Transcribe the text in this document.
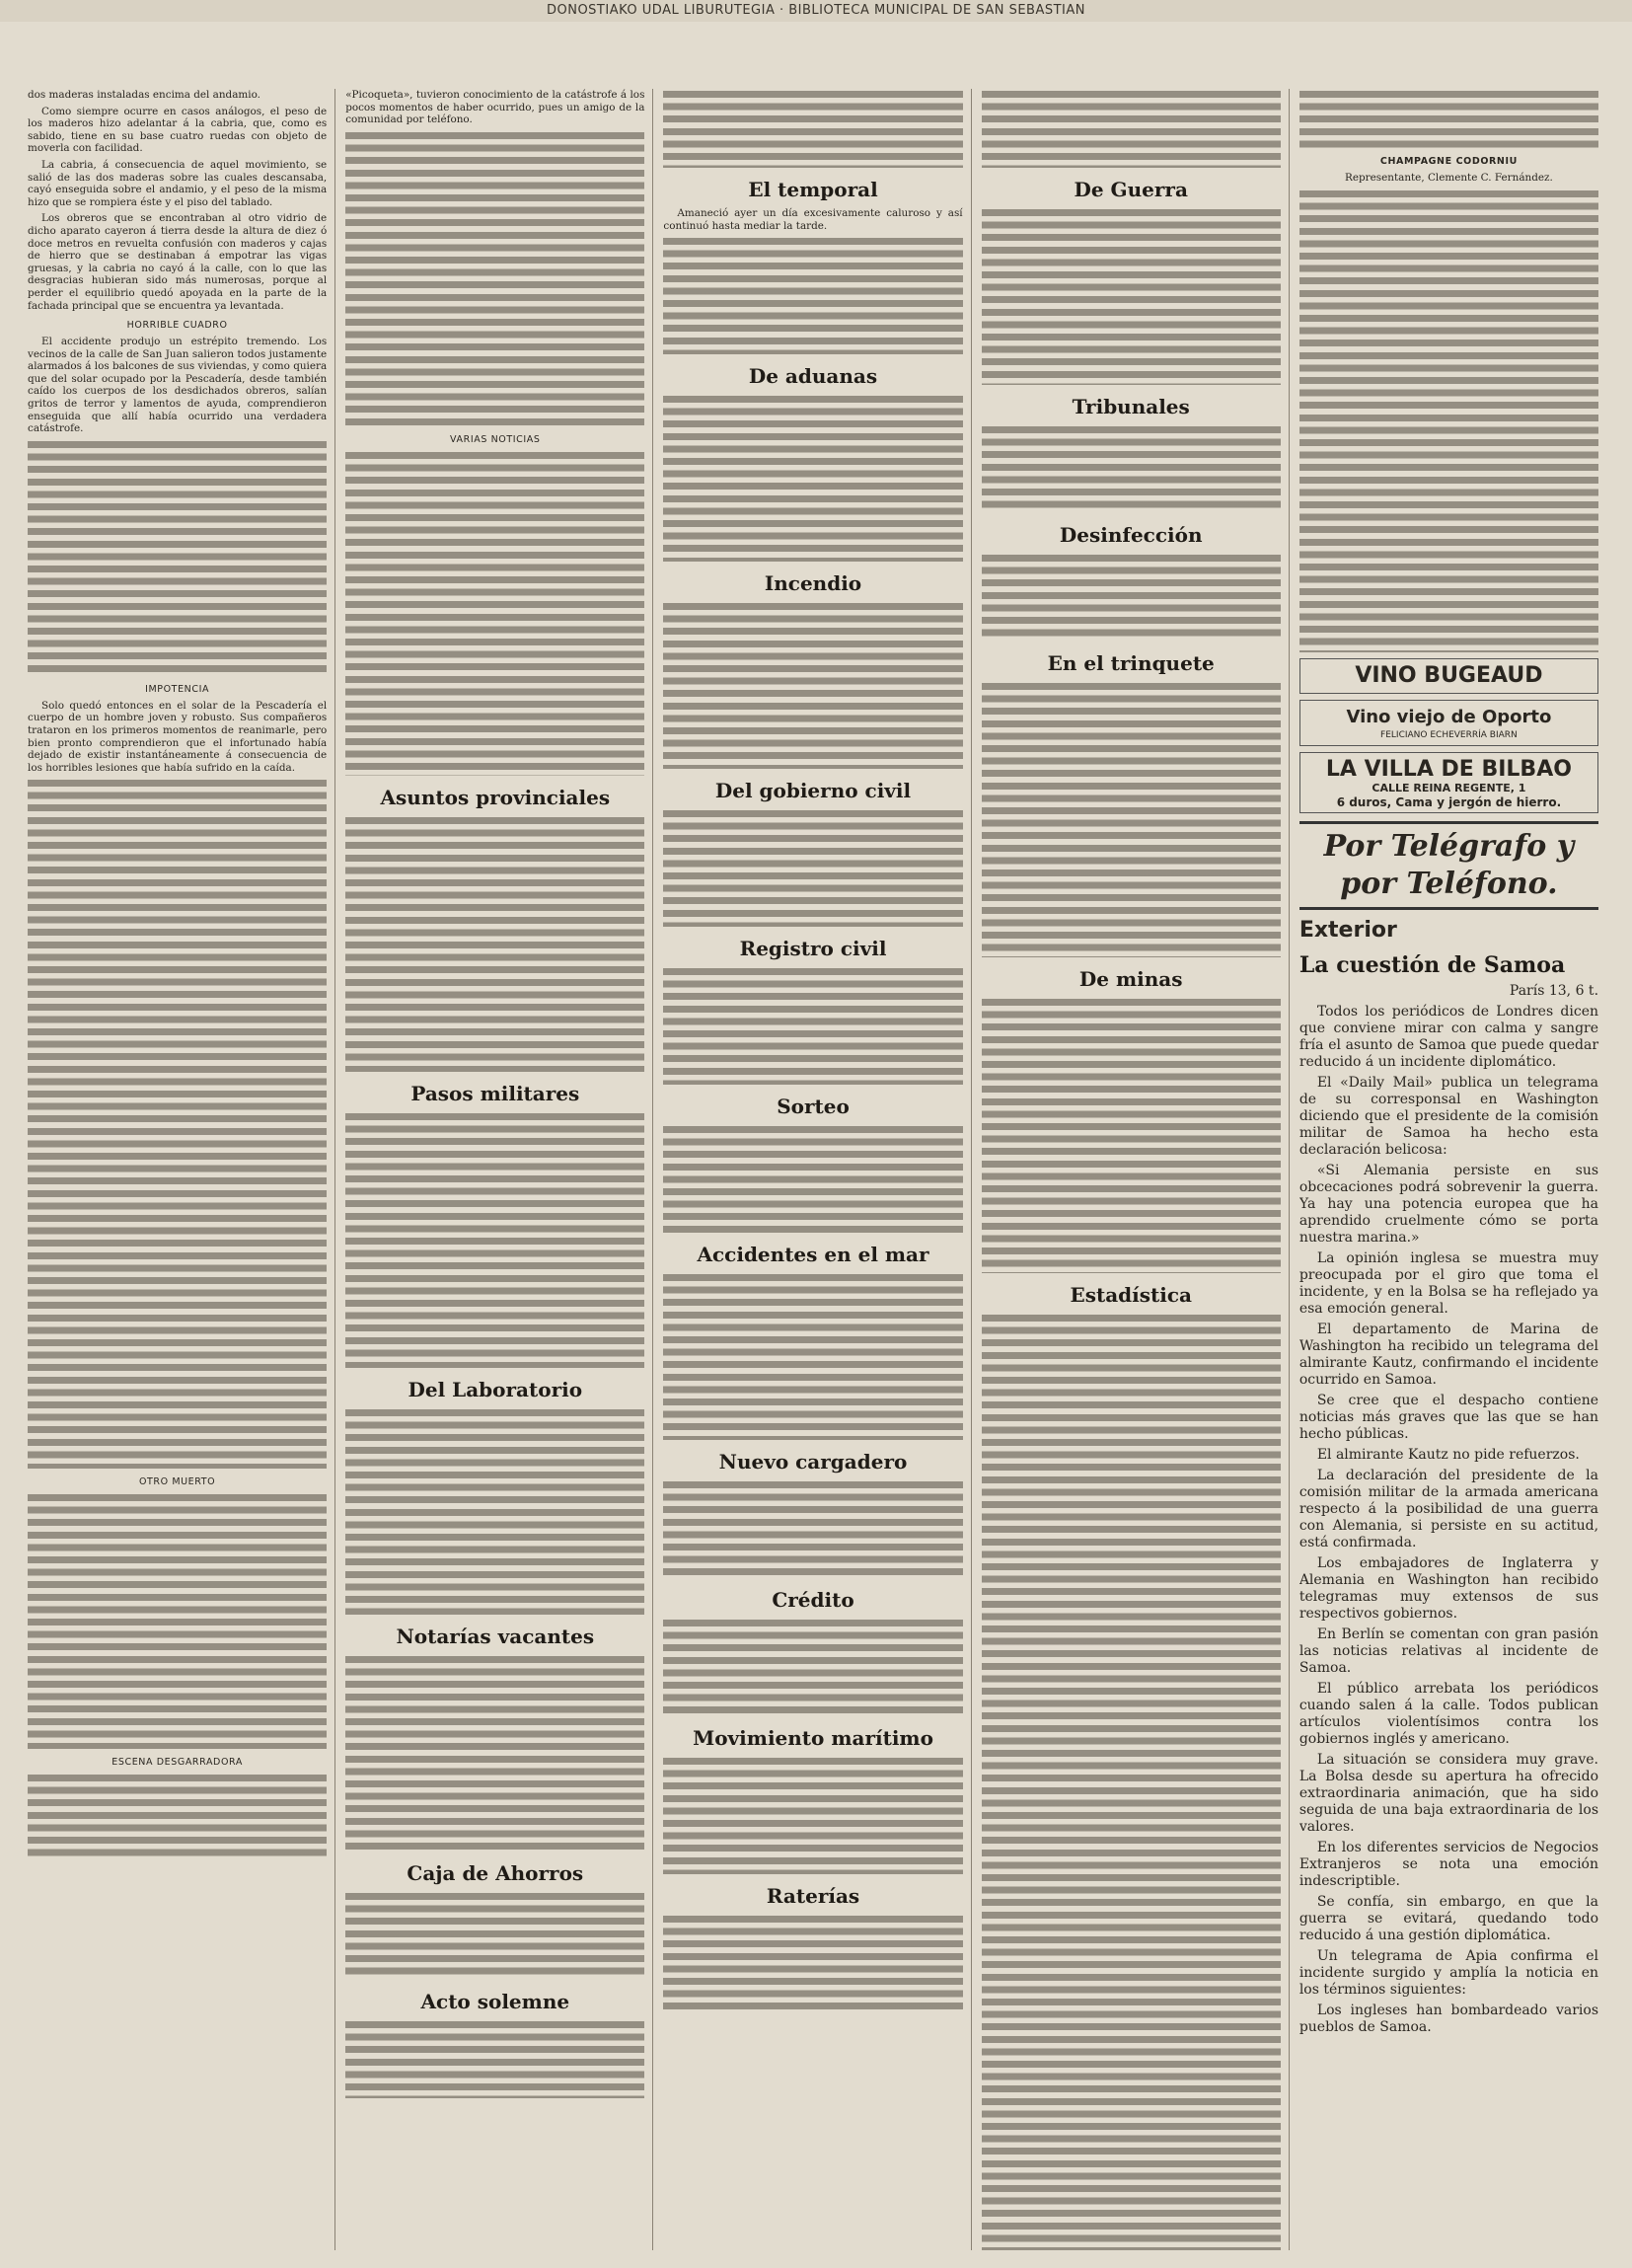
DONOSTIAKO UDAL LIBURUTEGIA · BIBLIOTECA MUNICIPAL DE SAN SEBASTIAN

dos maderas instaladas encima del andamio.

Como siempre ocurre en casos análogos, el peso de los maderos hizo adelantar á la cabria, que, como es sabido, tiene en su base cuatro ruedas con objeto de moverla con facilidad.

La cabria, á consecuencia de aquel movimiento, se salió de las dos maderas sobre las cuales descansaba, cayó enseguida sobre el andamio, y el peso de la misma hizo que se rompiera éste y el piso del tablado.

Los obreros que se encontraban al otro vidrio de dicho aparato cayeron á tierra desde la altura de diez ó doce metros en revuelta confusión con maderos y cajas de hierro que se destinaban á empotrar las vigas gruesas, y la cabria no cayó á la calle, con lo que las desgracias hubieran sido más numerosas, porque al perder el equilibrio quedó apoyada en la parte de la fachada principal que se encuentra ya levantada.

HORRIBLE CUADRO

El accidente produjo un estrépito tremendo. Los vecinos de la calle de San Juan salieron todos justamente alarmados á los balcones de sus viviendas, y como quiera que del solar ocupado por la Pescadería, desde también caído los cuerpos de los desdichados obreros, salían gritos de terror y lamentos de ayuda, comprendieron enseguida que allí había ocurrido una verdadera catástrofe.

IMPOTENCIA

Solo quedó entonces en el solar de la Pescadería el cuerpo de un hombre joven y robusto. Sus compañeros trataron en los primeros momentos de reanimarle, pero bien pronto comprendieron que el infortunado había dejado de existir instantáneamente á consecuencia de los horribles lesiones que había sufrido en la caída.

OTRO MUERTO
ESCENA DESGARRADORA

«Picoqueta», tuvieron conocimiento de la catástrofe á los pocos momentos de haber ocurrido, pues un amigo de la comunidad por teléfono.

VARIAS NOTICIAS
Asuntos provinciales
Pasos militares
Del Laboratorio
Notarías vacantes
Caja de Ahorros
Acto solemne
El temporal

Amaneció ayer un día excesivamente caluroso y así continuó hasta mediar la tarde.

De aduanas
Incendio
Del gobierno civil
Registro civil
Sorteo
Accidentes en el mar
Nuevo cargadero
Crédito
Movimiento marítimo
Raterías
De Guerra
Tribunales
Desinfección
En el trinquete
De minas
Estadística
CHAMPAGNE CODORNIU

Representante, Clemente C. Fernández.

VINO BUGEAUD
Vino viejo de Oporto
FELICIANO ECHEVERRÍA BIARN
LA VILLA DE BILBAO
CALLE REINA REGENTE, 1
6 duros, Cama y jergón de hierro.
Por Telégrafo y por Teléfono.
Exterior
La cuestión de Samoa

París 13, 6 t.

Todos los periódicos de Londres dicen que conviene mirar con calma y sangre fría el asunto de Samoa que puede quedar reducido á un incidente diplomático.

El «Daily Mail» publica un telegrama de su corresponsal en Washington diciendo que el presidente de la comisión militar de Samoa ha hecho esta declaración belicosa:

«Si Alemania persiste en sus obcecaciones podrá sobrevenir la guerra. Ya hay una potencia europea que ha aprendido cruelmente cómo se porta nuestra marina.»

La opinión inglesa se muestra muy preocupada por el giro que toma el incidente, y en la Bolsa se ha reflejado ya esa emoción general.

El departamento de Marina de Washington ha recibido un telegrama del almirante Kautz, confirmando el incidente ocurrido en Samoa.

Se cree que el despacho contiene noticias más graves que las que se han hecho públicas.

El almirante Kautz no pide refuerzos.

La declaración del presidente de la comisión militar de la armada americana respecto á la posibilidad de una guerra con Alemania, si persiste en su actitud, está confirmada.

Los embajadores de Inglaterra y Alemania en Washington han recibido telegramas muy extensos de sus respectivos gobiernos.

En Berlín se comentan con gran pasión las noticias relativas al incidente de Samoa.

El público arrebata los periódicos cuando salen á la calle. Todos publican artículos violentísimos contra los gobiernos inglés y americano.

La situación se considera muy grave. La Bolsa desde su apertura ha ofrecido extraordinaria animación, que ha sido seguida de una baja extraordinaria de los valores.

En los diferentes servicios de Negocios Extranjeros se nota una emoción indescriptible.

Se confía, sin embargo, en que la guerra se evitará, quedando todo reducido á una gestión diplomática.

Un telegrama de Apia confirma el incidente surgido y amplía la noticia en los términos siguientes:

Los ingleses han bombardeado varios pueblos de Samoa.
